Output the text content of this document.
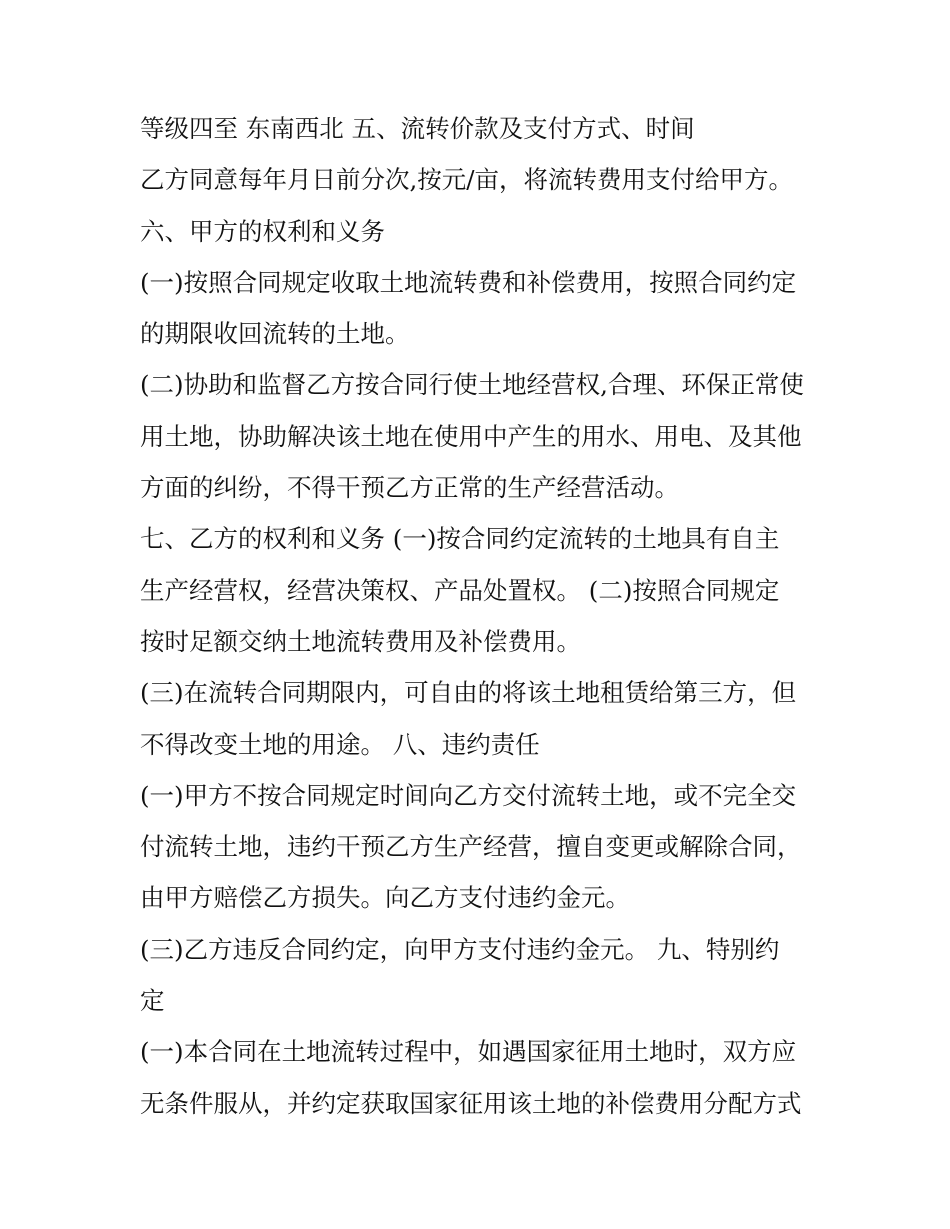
等级四至 东南西北 五、流转价款及支付方式、时间
乙方同意每年月日前分次,按元/亩，将流转费用支付给甲方。
六、甲方的权利和义务
(一)按照合同规定收取土地流转费和补偿费用，按照合同约定
的期限收回流转的土地。
(二)协助和监督乙方按合同行使土地经营权,合理、环保正常使
用土地，协助解决该土地在使用中产生的用水、用电、及其他
方面的纠纷，不得干预乙方正常的生产经营活动。
七、乙方的权利和义务 (一)按合同约定流转的土地具有自主
生产经营权，经营决策权、产品处置权。 (二)按照合同规定
按时足额交纳土地流转费用及补偿费用。
(三)在流转合同期限内，可自由的将该土地租赁给第三方，但
不得改变土地的用途。 八、违约责任
(一)甲方不按合同规定时间向乙方交付流转土地，或不完全交
付流转土地，违约干预乙方生产经营，擅自变更或解除合同，
由甲方赔偿乙方损失。向乙方支付违约金元。
(三)乙方违反合同约定，向甲方支付违约金元。 九、特别约
定
(一)本合同在土地流转过程中，如遇国家征用土地时，双方应
无条件服从，并约定获取国家征用该土地的补偿费用分配方式
